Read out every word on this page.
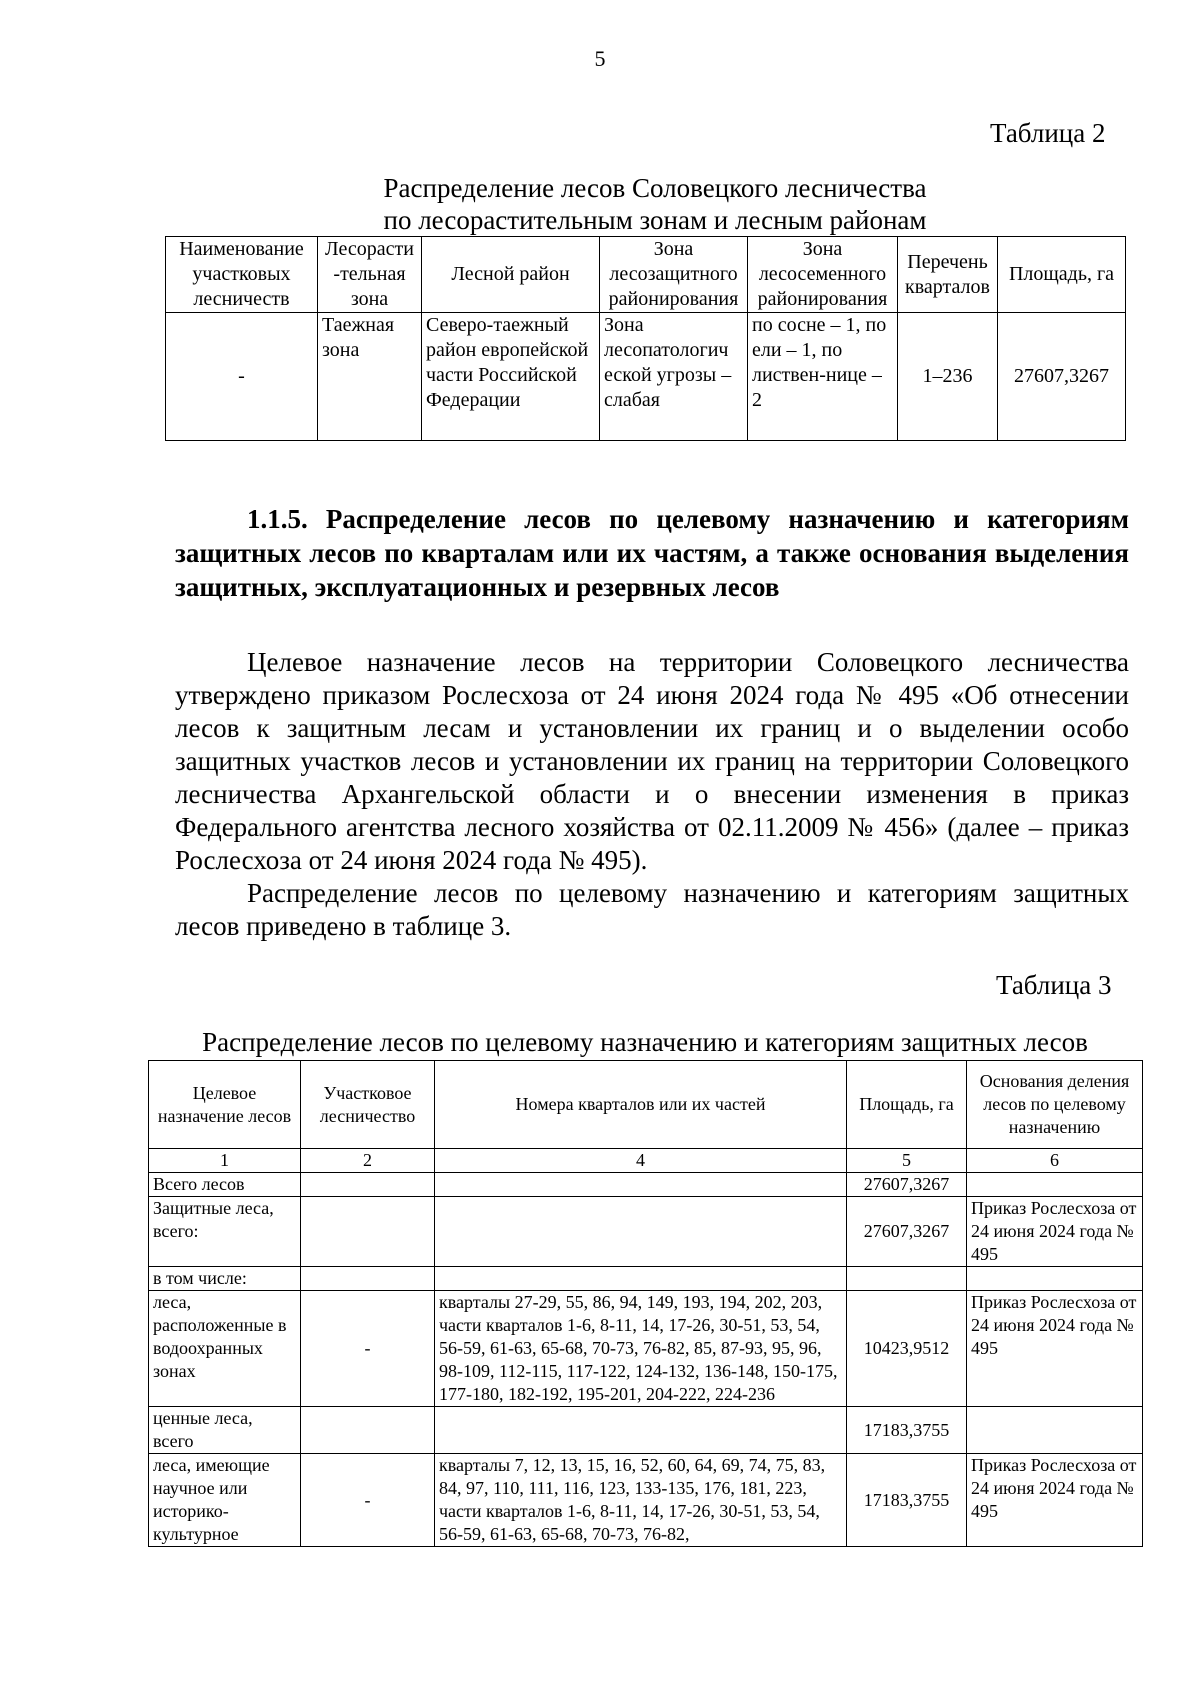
5
Таблица 2
Распределение лесов Соловецкого лесничества
по лесорастительным зонам и лесным районам
Наименование участковых лесничеств	Лесорасти -тельная зона	Лесной район	Зона лесозащитного районирования	Зона лесосеменного районирования	Перечень кварталов	Площадь, га
-	Таежная зона	Северо-таежный район европейской части Российской Федерации	Зона лесопатологич еской угрозы – слабая	по сосне – 1, по ели – 1, по листвен-нице – 2	1–236	27607,3267
1.1.5. Распределение лесов по целевому назначению и категориям защитных лесов по кварталам или их частям, а также основания выделения защитных, эксплуатационных и резервных лесов

Целевое назначение лесов на территории Соловецкого лесничества утверждено приказом Рослесхоза от 24 июня 2024 года № 495 «Об отнесении лесов к защитным лесам и установлении их границ и о выделении особо защитных участков лесов и установлении их границ на территории Соловецкого лесничества Архангельской области и о внесении изменения в приказ Федерального агентства лесного хозяйства от 02.11.2009 № 456» (далее – приказ Рослесхоза от 24 июня 2024 года № 495).

Распределение лесов по целевому назначению и категориям защитных лесов приведено в таблице 3.

Таблица 3
Распределение лесов по целевому назначению и категориям защитных лесов
Целевое назначение лесов	Участковое лесничество	Номера кварталов или их частей	Площадь, га	Основания деления лесов по целевому назначению
1	2	4	5	6
Всего лесов			27607,3267	
Защитные леса, всего:			27607,3267	Приказ Рослесхоза от 24 июня 2024 года № 495
в том числе:				
леса, расположенные в водоохранных зонах	-	кварталы 27-29, 55, 86, 94, 149, 193, 194, 202, 203, части кварталов 1-6, 8-11, 14, 17-26, 30-51, 53, 54, 56-59, 61-63, 65-68, 70-73, 76-82, 85, 87-93, 95, 96, 98-109, 112-115, 117-122, 124-132, 136-148, 150-175, 177-180, 182-192, 195-201, 204-222, 224-236	10423,9512	Приказ Рослесхоза от 24 июня 2024 года № 495
ценные леса, всего			17183,3755	
леса, имеющие научное или историко-культурное	-	кварталы 7, 12, 13, 15, 16, 52, 60, 64, 69, 74, 75, 83, 84, 97, 110, 111, 116, 123, 133-135, 176, 181, 223, части кварталов 1-6, 8-11, 14, 17-26, 30-51, 53, 54, 56-59, 61-63, 65-68, 70-73, 76-82,	17183,3755	Приказ Рослесхоза от 24 июня 2024 года № 495
